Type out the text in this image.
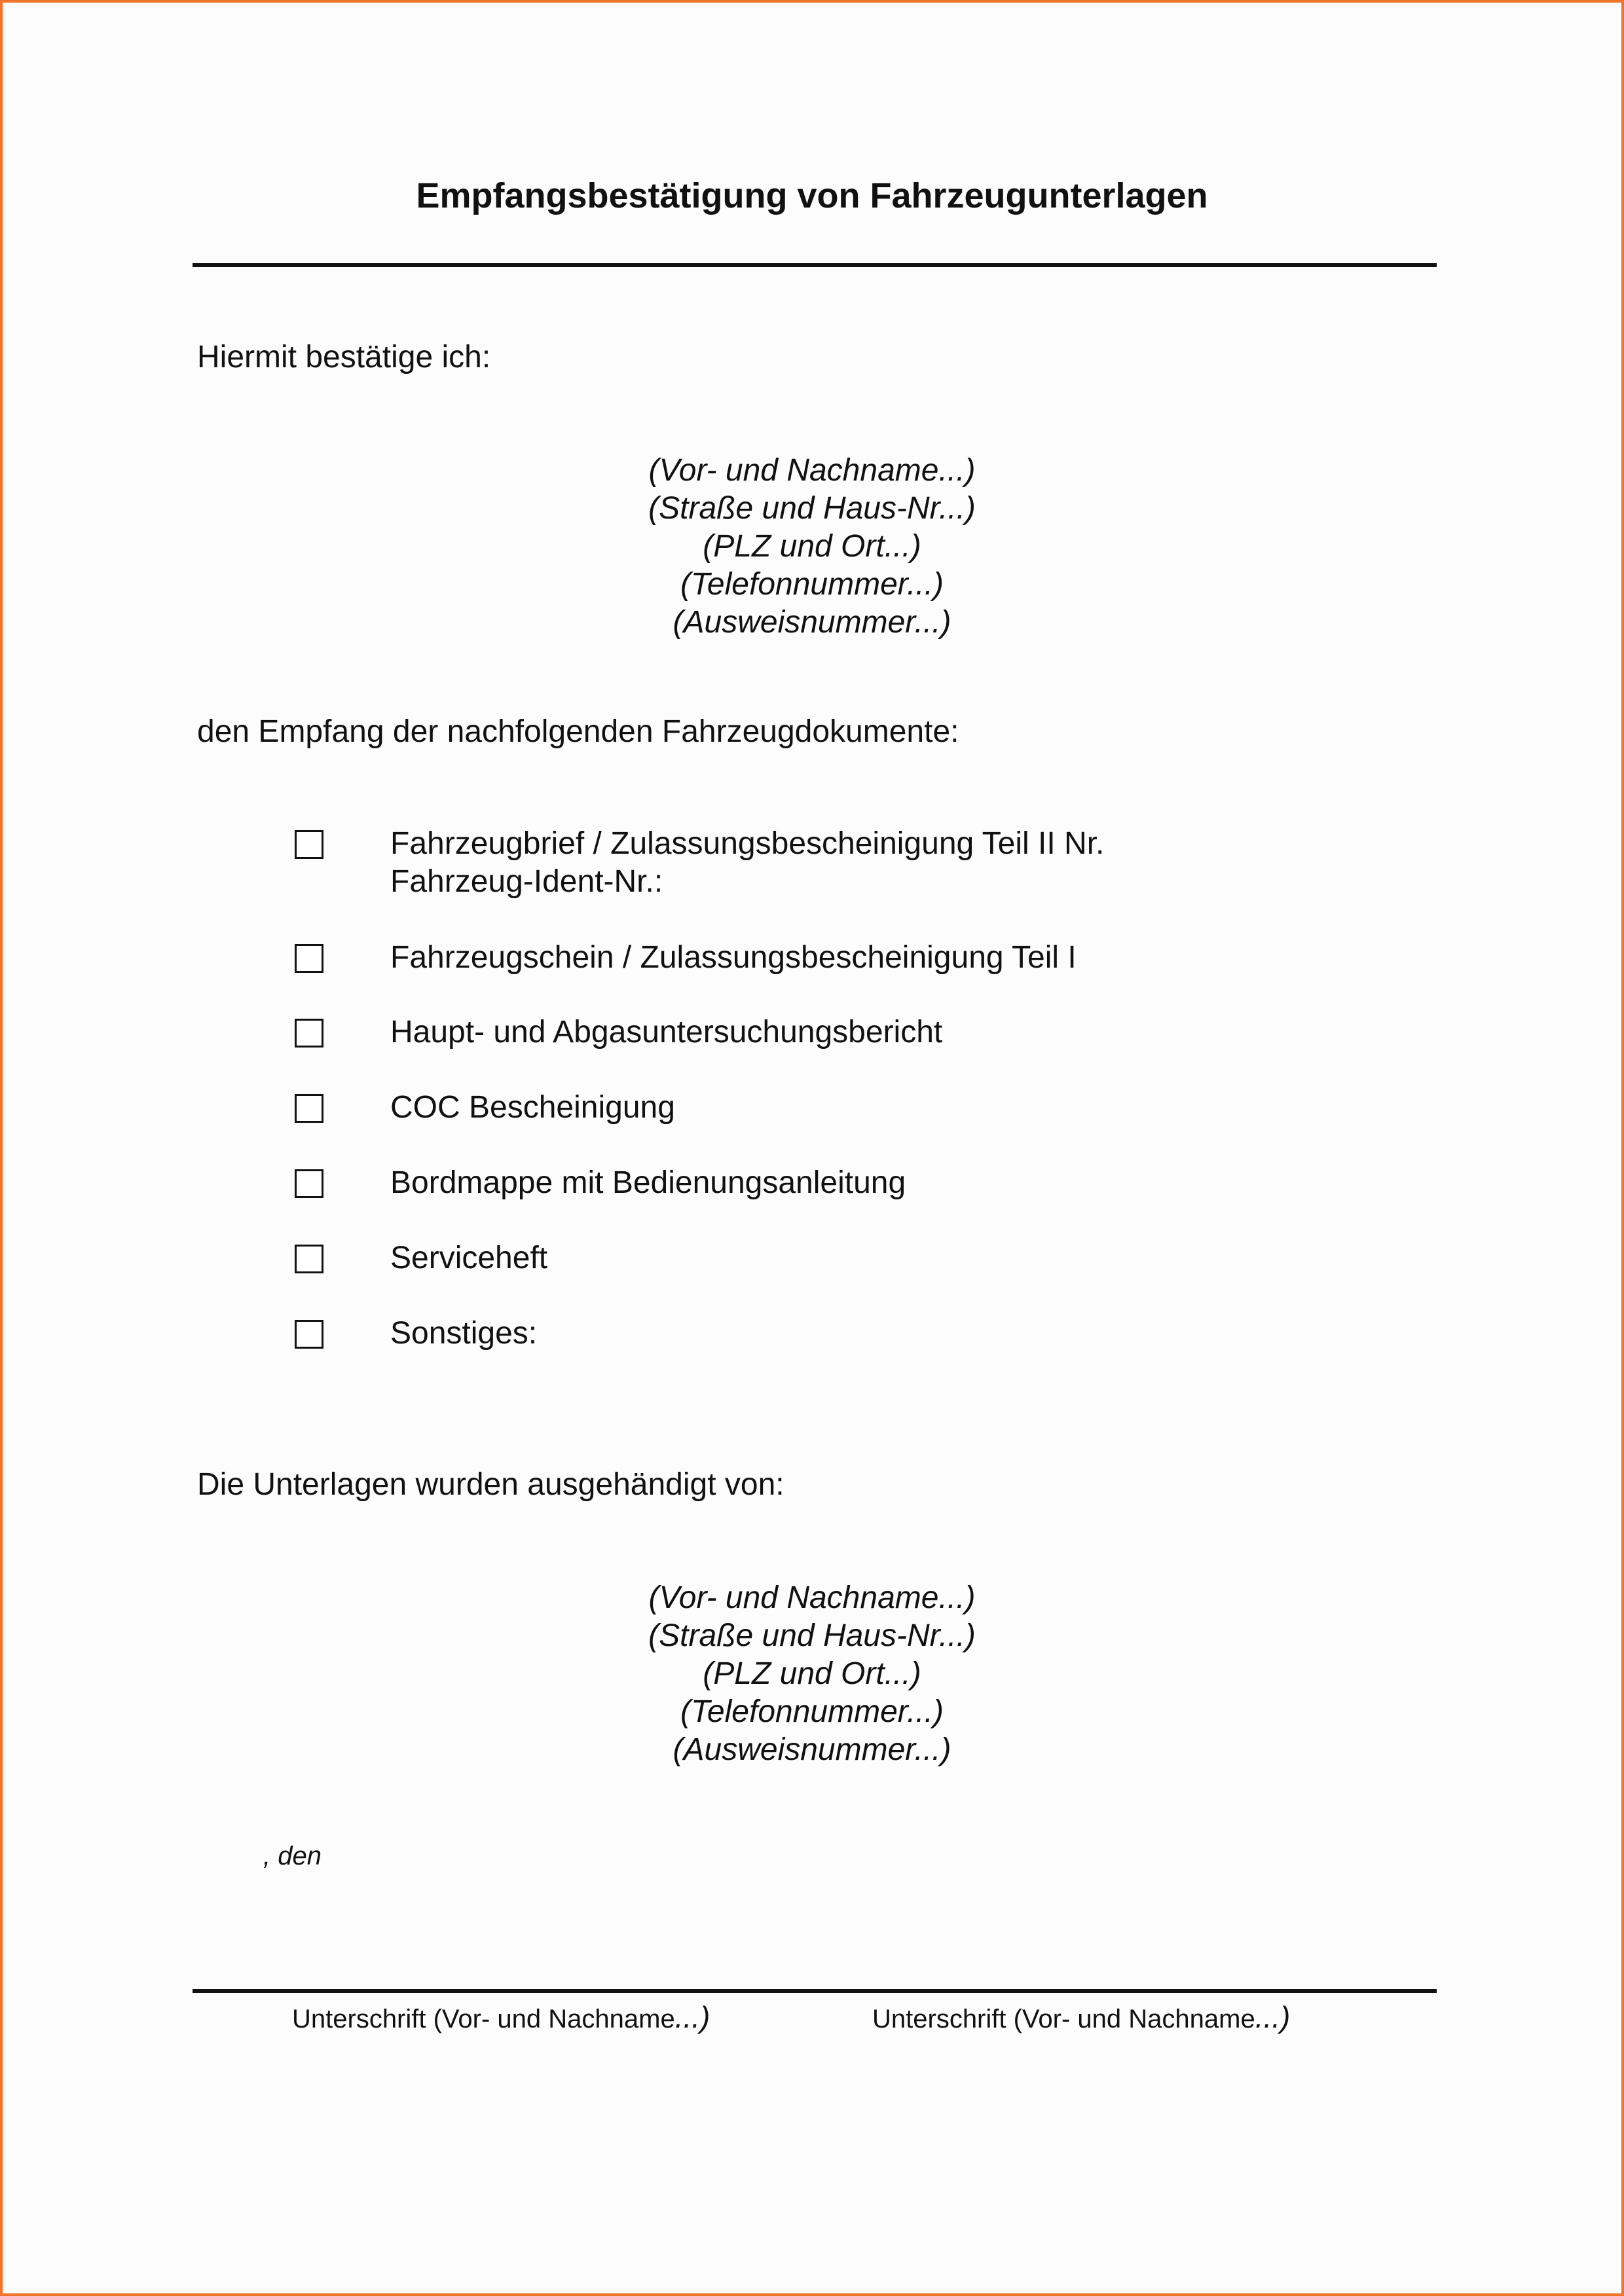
Empfangsbestätigung von Fahrzeugunterlagen
Hiermit bestätige ich:
(Vor- und Nachname...)
(Straße und Haus-Nr...)
(PLZ und Ort...)
(Telefonnummer...)
(Ausweisnummer...)
den Empfang der nachfolgenden Fahrzeugdokumente:
Fahrzeugbrief / Zulassungsbescheinigung Teil II Nr.
Fahrzeug-Ident-Nr.:
Fahrzeugschein / Zulassungsbescheinigung Teil I
Haupt- und Abgasuntersuchungsbericht
COC Bescheinigung
Bordmappe mit Bedienungsanleitung
Serviceheft
Sonstiges:
Die Unterlagen wurden ausgehändigt von:
(Vor- und Nachname...)
(Straße und Haus-Nr...)
(PLZ und Ort...)
(Telefonnummer...)
(Ausweisnummer...)
, den
Unterschrift (Vor- und Nachname...)	Unterschrift (Vor- und Nachname...)
